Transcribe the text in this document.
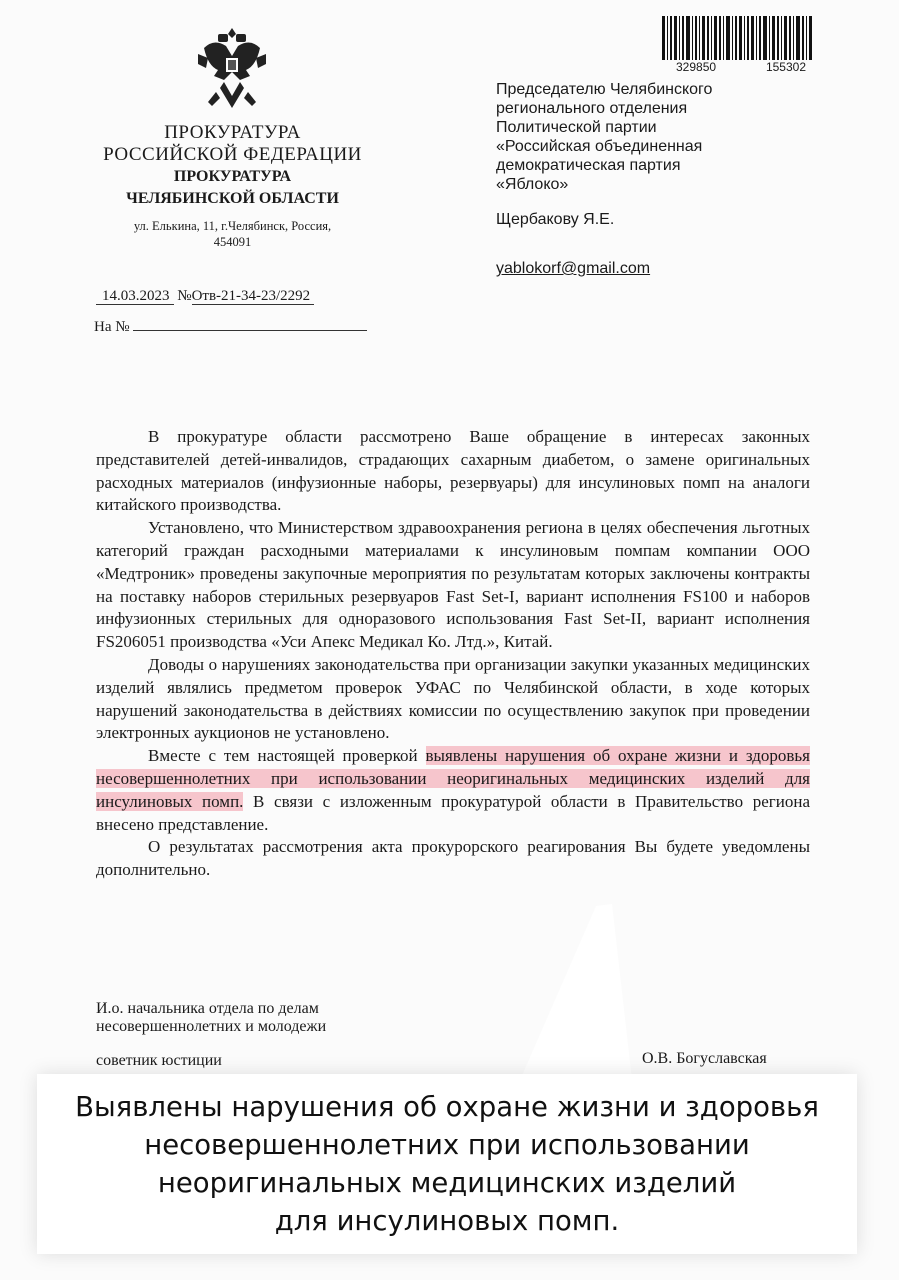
ПРОКУРАТУРА
РОССИЙСКОЙ ФЕДЕРАЦИИ
ПРОКУРАТУРА
ЧЕЛЯБИНСКОЙ ОБЛАСТИ
ул. Елькина, 11, г.Челябинск, Россия,
454091
329850	155302
Председателю Челябинского
регионального отделения
Политической партии
«Российская объединенная
демократическая партия
«Яблоко»
Щербакову Я.Е.
yablokorf@gmail.com
14.03.2023 №Отв-21-34-23/2292
На №

В прокуратуре области рассмотрено Ваше обращение в интересах законных представителей детей-инвалидов, страдающих сахарным диабетом, о замене оригинальных расходных материалов (инфузионные наборы, резервуары) для инсулиновых помп на аналоги китайского производства.

Установлено, что Министерством здравоохранения региона в целях обеспечения льготных категорий граждан расходными материалами к инсулиновым помпам компании ООО «Медтроник» проведены закупочные мероприятия по результатам которых заключены контракты на поставку наборов стерильных резервуаров Fast Set-I, вариант исполнения FS100 и наборов инфузионных стерильных для одноразового использования Fast Set-II, вариант исполнения FS206051 производства «Уси Апекс Медикал Ко. Лтд.», Китай.

Доводы о нарушениях законодательства при организации закупки указанных медицинских изделий являлись предметом проверок УФАС по Челябинской области, в ходе которых нарушений законодательства в действиях комиссии по осуществлению закупок при проведении электронных аукционов не установлено.

Вместе с тем настоящей проверкой выявлены нарушения об охране жизни и здоровья несовершеннолетних при использовании неоригинальных медицинских изделий для инсулиновых помп. В связи с изложенным прокуратурой области в Правительство региона внесено представление.

О результатах рассмотрения акта прокурорского реагирования Вы будете уведомлены дополнительно.

И.о. начальника отдела по делам
несовершеннолетних и молодежи
советник юстиции	О.В. Богуславская
Выявлены нарушения об охране жизни и здоровья
несовершеннолетних при использовании
неоригинальных медицинских изделий
для инсулиновых помп.
